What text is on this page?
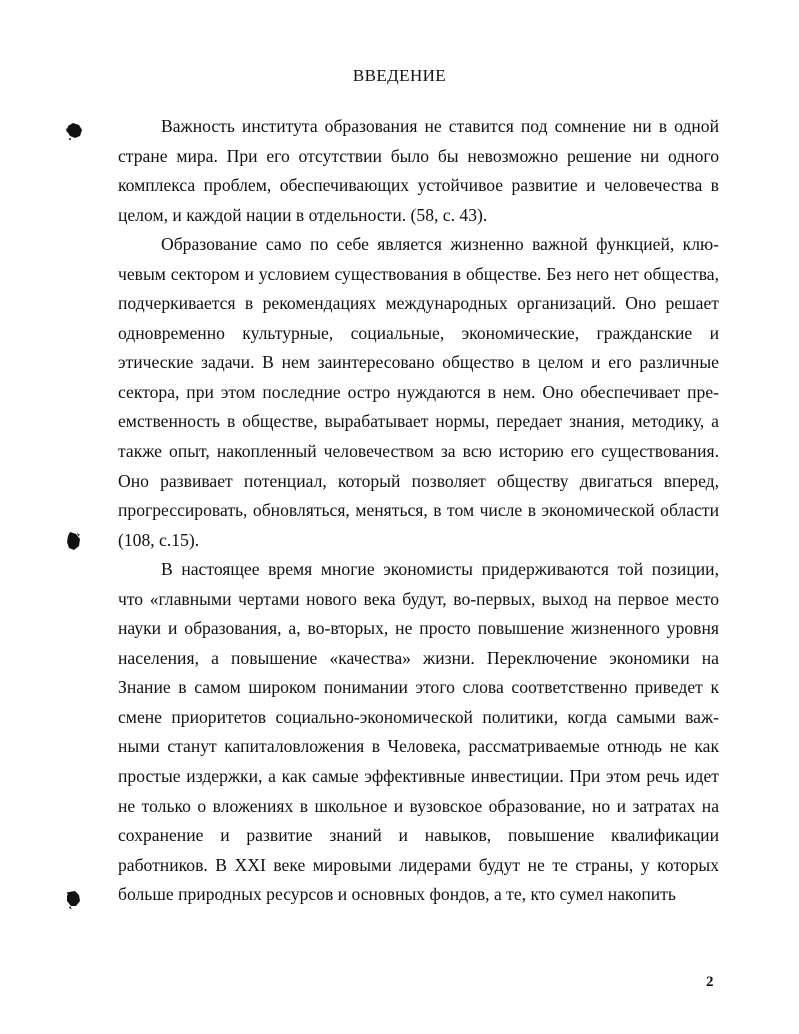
ВВЕДЕНИЕ

Важность института образования не ставится под сомнение ни в одной стране мира. При его отсутствии было бы невозможно решение ни одного комплекса проблем, обеспечивающих устойчивое развитие и человечества в целом, и каждой нации в отдельности. (58, с. 43).

Образование само по себе является жизненно важной функцией, ключевым сектором и условием существования в обществе. Без него нет общества, подчеркивается в рекомендациях международных организаций. Оно решает одновременно культурные, социальные, экономические, гражданские и этические задачи. В нем заинтересовано общество в целом и его различные сектора, при этом последние остро нуждаются в нем. Оно обеспечивает преемственность в обществе, вырабатывает нормы, передает знания, методику, а также опыт, накопленный человечеством за всю историю его существования. Оно развивает потенциал, который позволяет обществу двигаться вперед, прогрессировать, обновляться, меняться, в том числе в экономической области (108, с.15).

В настоящее время многие экономисты придерживаются той позиции, что «главными чертами нового века будут, во-первых, выход на первое место науки и образования, а, во-вторых, не просто повышение жизненного уровня населения, а повышение «качества» жизни. Переключение экономики на Знание в самом широком понимании этого слова соответственно приведет к смене приоритетов социально-экономической политики, когда самыми важными станут капиталовложения в Человека, рассматриваемые отнюдь не как простые издержки, а как самые эффективные инвестиции. При этом речь идет не только о вложениях в школьное и вузовское образование, но и затратах на сохранение и развитие знаний и навыков, повышение квалификации работников. В XXI веке мировыми лидерами будут не те страны, у которых больше природных ресурсов и основных фондов, а те, кто сумел накопить

2
